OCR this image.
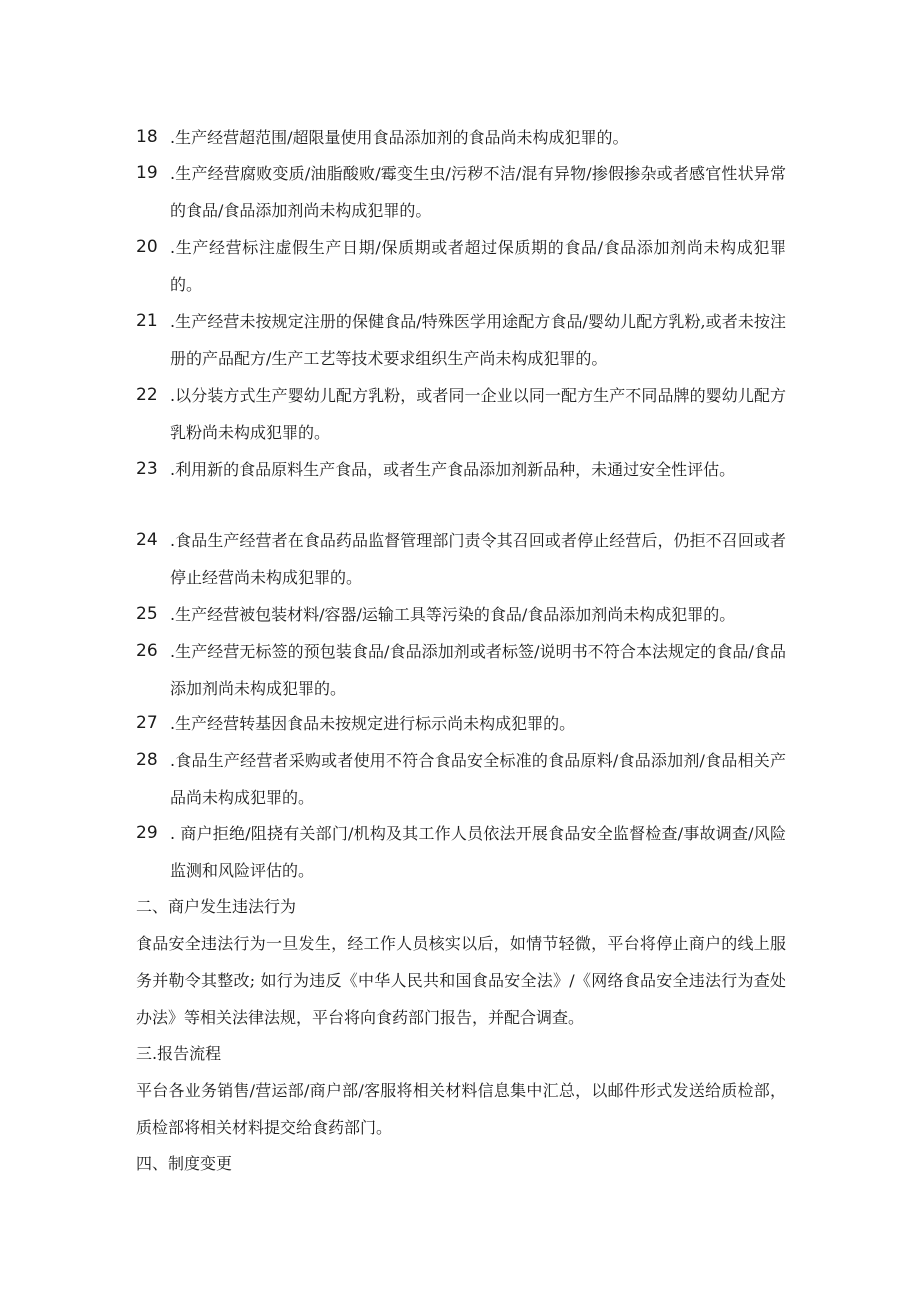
18 .生产经营超范围/超限量使用食品添加剂的食品尚未构成犯罪的。
19 .生产经营腐败变质/油脂酸败/霉变生虫/污秽不洁/混有异物/掺假掺杂或者感官性状异常的食品/食品添加剂尚未构成犯罪的。
20 .生产经营标注虚假生产日期/保质期或者超过保质期的食品/食品添加剂尚未构成犯罪的。
21 .生产经营未按规定注册的保健食品/特殊医学用途配方食品/婴幼儿配方乳粉,或者未按注册的产品配方/生产工艺等技术要求组织生产尚未构成犯罪的。
22 .以分装方式生产婴幼儿配方乳粉，或者同一企业以同一配方生产不同品牌的婴幼儿配方乳粉尚未构成犯罪的。
23 .利用新的食品原料生产食品，或者生产食品添加剂新品种，未通过安全性评估。
24 .食品生产经营者在食品药品监督管理部门责令其召回或者停止经营后，仍拒不召回或者停止经营尚未构成犯罪的。
25 .生产经营被包装材料/容器/运输工具等污染的食品/食品添加剂尚未构成犯罪的。
26 .生产经营无标签的预包装食品/食品添加剂或者标签/说明书不符合本法规定的食品/食品添加剂尚未构成犯罪的。
27 .生产经营转基因食品未按规定进行标示尚未构成犯罪的。
28 .食品生产经营者采购或者使用不符合食品安全标准的食品原料/食品添加剂/食品相关产品尚未构成犯罪的。
29 . 商户拒绝/阻挠有关部门/机构及其工作人员依法开展食品安全监督检查/事故调查/风险监测和风险评估的。
二、商户发生违法行为
食品安全违法行为一旦发生，经工作人员核实以后，如情节轻微，平台将停止商户的线上服务并勒令其整改; 如行为违反《中华人民共和国食品安全法》/《网络食品安全违法行为查处办法》等相关法律法规，平台将向食药部门报告，并配合调查。
三.报告流程
平台各业务销售/营运部/商户部/客服将相关材料信息集中汇总，以邮件形式发送给质检部，质检部将相关材料提交给食药部门。
四、制度变更
